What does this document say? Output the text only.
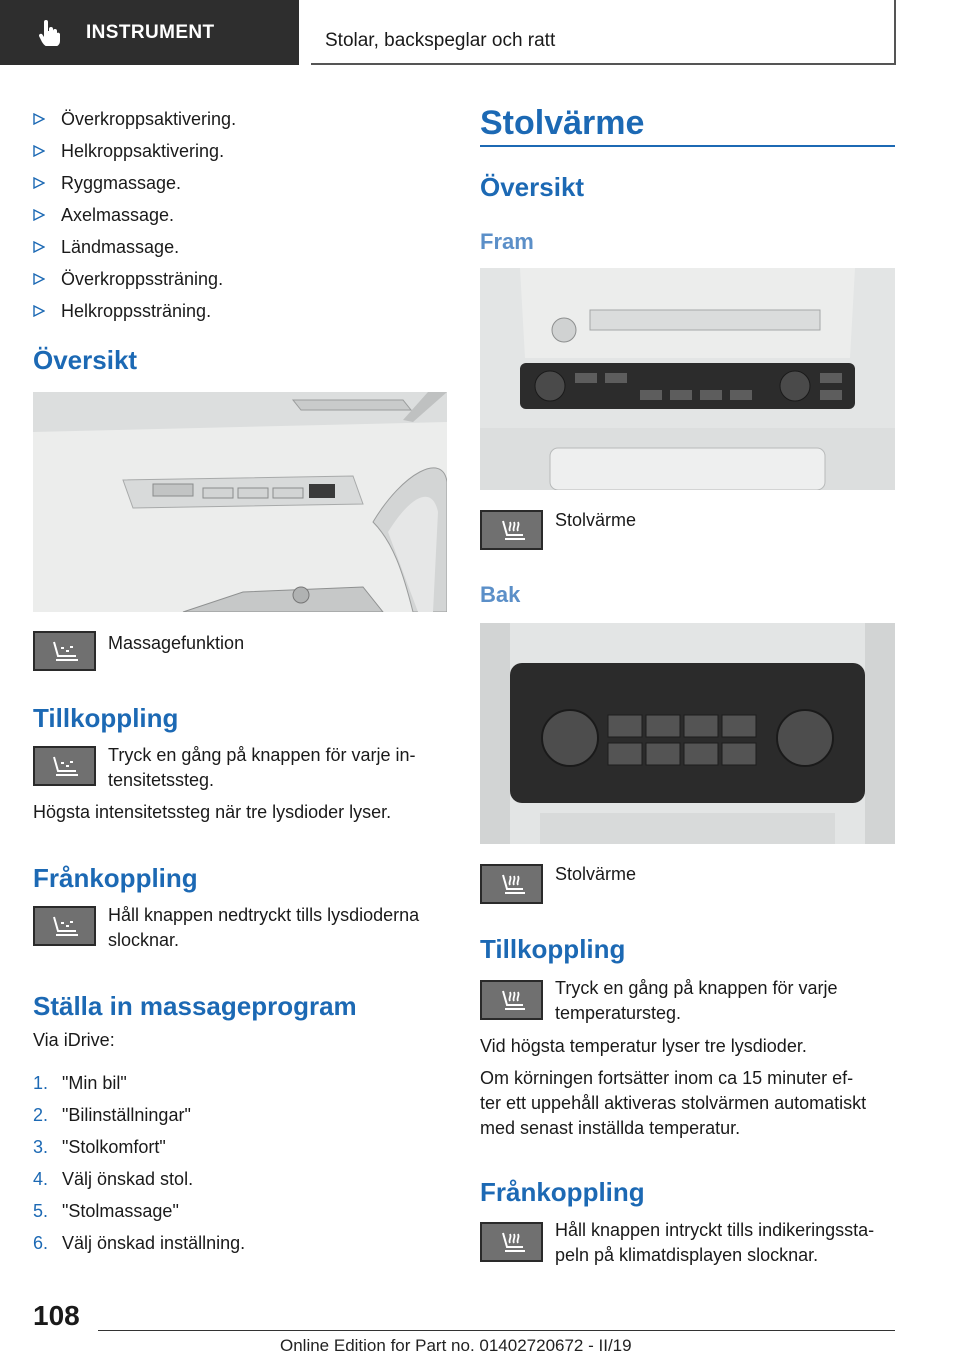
INSTRUMENT	Stolar, backspeglar och ratt
Överkroppsaktivering.
Helkroppsaktivering.
Ryggmassage.
Axelmassage.
Ländmassage.
Överkroppssträning.
Helkroppssträning.
Översikt
Massagefunktion
Tillkoppling
Tryck en gång på knappen för varje in-
tensitetssteg.
Högsta intensitetssteg när tre lysdioder lyser.
Frånkoppling
Håll knappen nedtryckt tills lysdioderna
slocknar.
Ställa in massageprogram
Via iDrive:
1. "Min bil"
2. "Bilinställningar"
3. "Stolkomfort"
4. Välj önskad stol.
5. "Stolmassage"
6. Välj önskad inställning.
Stolvärme
Översikt
Fram
Stolvärme
Bak
Stolvärme
Tillkoppling
Tryck en gång på knappen för varje
temperatursteg.
Vid högsta temperatur lyser tre lysdioder.
Om körningen fortsätter inom ca 15 minuter ef-
ter ett uppehåll aktiveras stolvärmen automatiskt
med senast inställda temperatur.
Frånkoppling
Håll knappen intryckt tills indikeringssta-
peln på klimatdisplayen slocknar.
108
Online Edition for Part no. 01402720672 - II/19
